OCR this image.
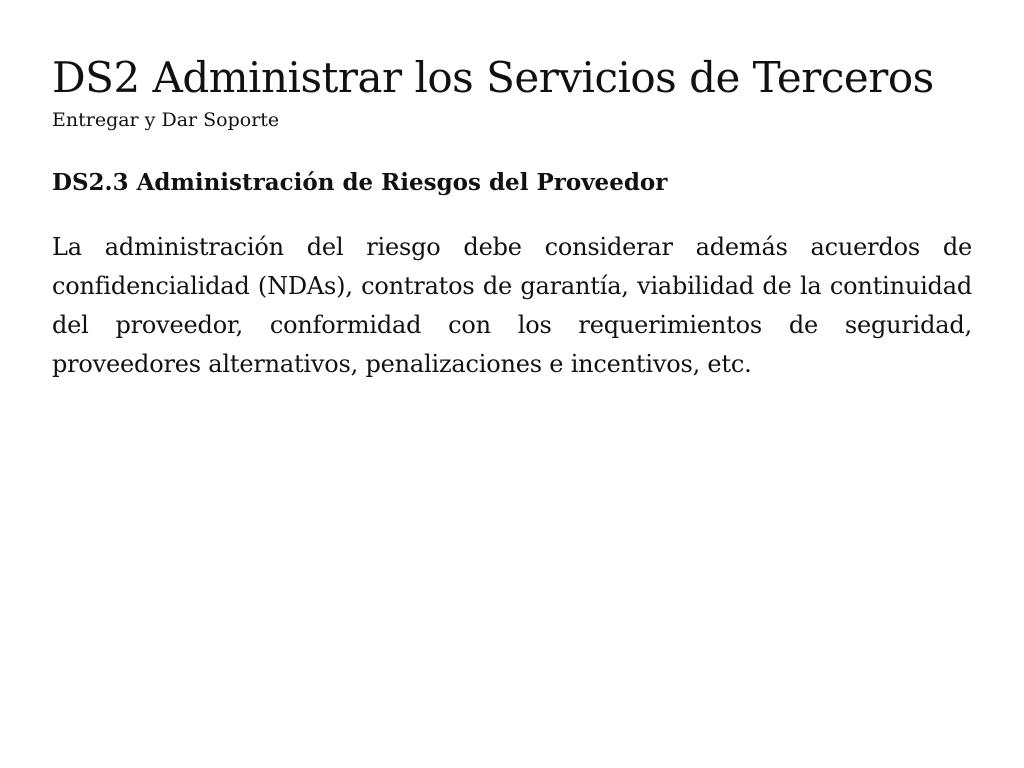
DS2 Administrar los Servicios de Terceros

Entregar y Dar Soporte

DS2.3 Administración de Riesgos del Proveedor

La administración del riesgo debe considerar además acuerdos de confidencialidad (NDAs), contratos de garantía, viabilidad de la continuidad del proveedor, conformidad con los requerimientos de seguridad, proveedores alternativos, penalizaciones e incentivos, etc.
